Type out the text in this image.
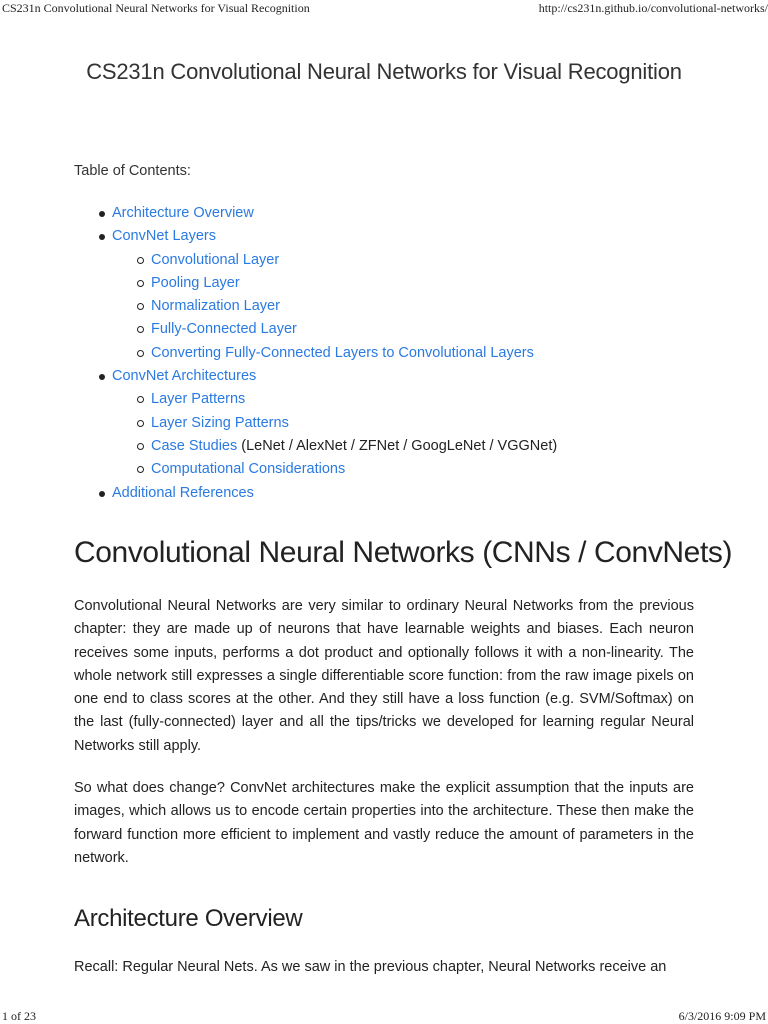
CS231n Convolutional Neural Networks for Visual Recognition	http://cs231n.github.io/convolutional-networks/
CS231n Convolutional Neural Networks for Visual Recognition

Table of Contents:

Architecture Overview
ConvNet Layers
Convolutional Layer
Pooling Layer
Normalization Layer
Fully-Connected Layer
Converting Fully-Connected Layers to Convolutional Layers
ConvNet Architectures
Layer Patterns
Layer Sizing Patterns
Case Studies (LeNet / AlexNet / ZFNet / GoogLeNet / VGGNet)
Computational Considerations
Additional References
Convolutional Neural Networks (CNNs / ConvNets)

Convolutional Neural Networks are very similar to ordinary Neural Networks from the previous chapter: they are made up of neurons that have learnable weights and biases. Each neuron receives some inputs, performs a dot product and optionally follows it with a non-linearity. The whole network still expresses a single differentiable score function: from the raw image pixels on one end to class scores at the other. And they still have a loss function (e.g. SVM/Softmax) on the last (fully-connected) layer and all the tips/tricks we developed for learning regular Neural Networks still apply.

So what does change? ConvNet architectures make the explicit assumption that the inputs are images, which allows us to encode certain properties into the architecture. These then make the forward function more efficient to implement and vastly reduce the amount of parameters in the network.

Architecture Overview

Recall: Regular Neural Nets. As we saw in the previous chapter, Neural Networks receive an

1 of 23	6/3/2016 9:09 PM
